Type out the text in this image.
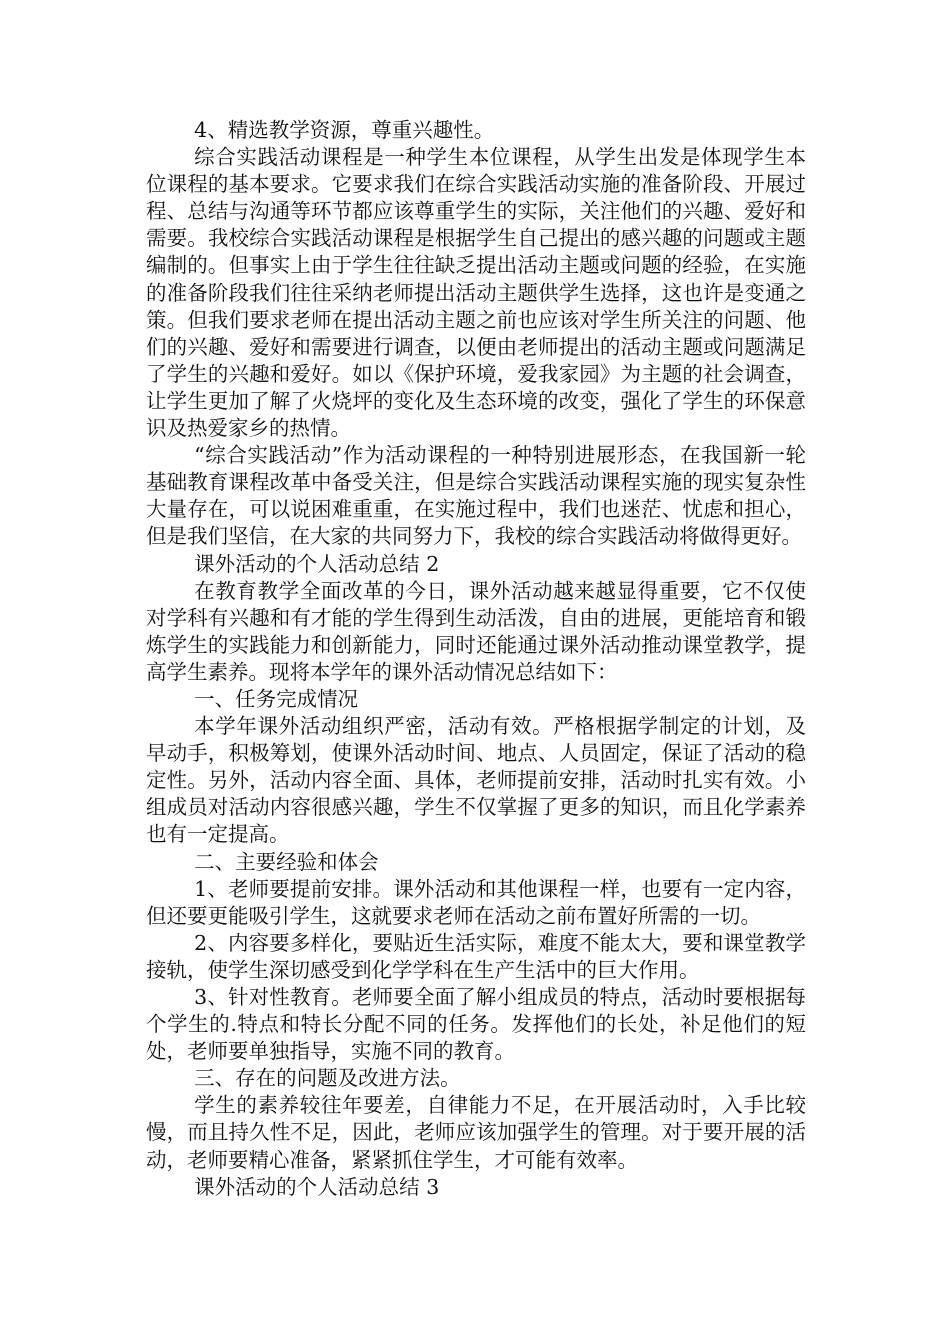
4、精选教学资源，尊重兴趣性。

综合实践活动课程是一种学生本位课程，从学生出发是体现学生本位课程的基本要求。它要求我们在综合实践活动实施的准备阶段、开展过程、总结与沟通等环节都应该尊重学生的实际，关注他们的兴趣、爱好和需要。我校综合实践活动课程是根据学生自己提出的感兴趣的问题或主题编制的。但事实上由于学生往往缺乏提出活动主题或问题的经验，在实施的准备阶段我们往往采纳老师提出活动主题供学生选择，这也许是变通之策。但我们要求老师在提出活动主题之前也应该对学生所关注的问题、他们的兴趣、爱好和需要进行调查，以便由老师提出的活动主题或问题满足了学生的兴趣和爱好。如以《保护环境，爱我家园》为主题的社会调查，让学生更加了解了火烧坪的变化及生态环境的改变，强化了学生的环保意识及热爱家乡的热情。

“综合实践活动”作为活动课程的一种特别进展形态，在我国新一轮基础教育课程改革中备受关注，但是综合实践活动课程实施的现实复杂性大量存在，可以说困难重重，在实施过程中，我们也迷茫、忧虑和担心，但是我们坚信，在大家的共同努力下，我校的综合实践活动将做得更好。

课外活动的个人活动总结 2

在教育教学全面改革的今日，课外活动越来越显得重要，它不仅使对学科有兴趣和有才能的学生得到生动活泼，自由的进展，更能培育和锻炼学生的实践能力和创新能力，同时还能通过课外活动推动课堂教学，提高学生素养。现将本学年的课外活动情况总结如下：

一、任务完成情况

本学年课外活动组织严密，活动有效。严格根据学制定的计划，及早动手，积极筹划，使课外活动时间、地点、人员固定，保证了活动的稳定性。另外，活动内容全面、具体，老师提前安排，活动时扎实有效。小组成员对活动内容很感兴趣，学生不仅掌握了更多的知识，而且化学素养也有一定提高。

二、主要经验和体会

1、老师要提前安排。课外活动和其他课程一样，也要有一定内容，但还要更能吸引学生，这就要求老师在活动之前布置好所需的一切。

2、内容要多样化，要贴近生活实际，难度不能太大，要和课堂教学接轨，使学生深切感受到化学学科在生产生活中的巨大作用。

3、针对性教育。老师要全面了解小组成员的特点，活动时要根据每个学生的.特点和特长分配不同的任务。发挥他们的长处，补足他们的短处，老师要单独指导，实施不同的教育。

三、存在的问题及改进方法。

学生的素养较往年要差，自律能力不足，在开展活动时，入手比较慢，而且持久性不足，因此，老师应该加强学生的管理。对于要开展的活动，老师要精心准备，紧紧抓住学生，才可能有效率。

课外活动的个人活动总结 3
